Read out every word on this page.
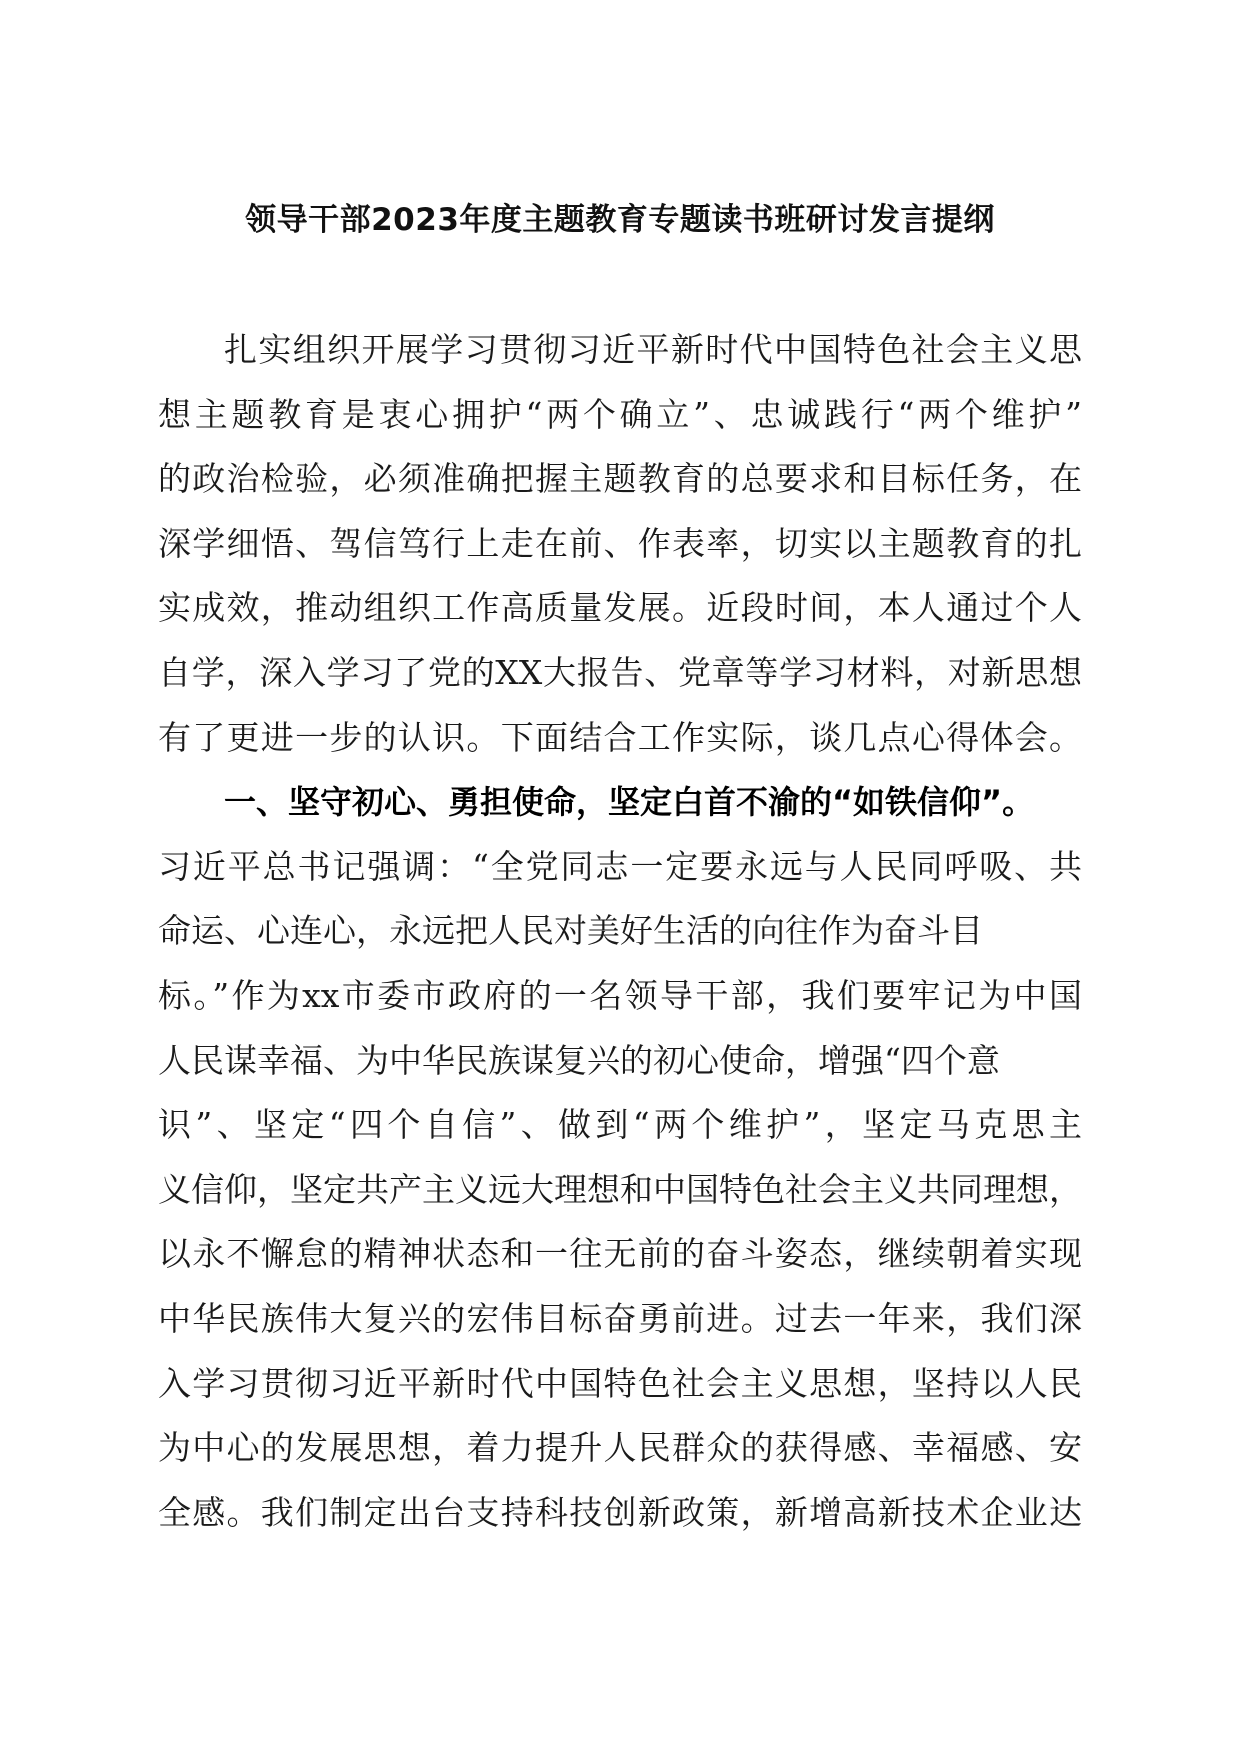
领导干部2023年度主题教育专题读书班研讨发言提纲
扎实组织开展学习贯彻习近平新时代中国特色社会主义思
想主题教育是衷心拥护“两个确立”、忠诚践行“两个维护”
的政治检验，必须准确把握主题教育的总要求和目标任务，在
深学细悟、驾信笃行上走在前、作表率，切实以主题教育的扎
实成效，推动组织工作高质量发展。近段时间，本人通过个人
自学，深入学习了党的XX大报告、党章等学习材料，对新思想
有了更进一步的认识。下面结合工作实际，谈几点心得体会。
一、坚守初心、勇担使命，坚定白首不渝的“如铁信仰”。
习近平总书记强调：“全党同志一定要永远与人民同呼吸、共
命运、心连心，永远把人民对美好生活的向往作为奋斗目
标。”作为xx市委市政府的一名领导干部，我们要牢记为中国
人民谋幸福、为中华民族谋复兴的初心使命，增强“四个意
识”、坚定“四个自信”、做到“两个维护”，坚定马克思主
义信仰，坚定共产主义远大理想和中国特色社会主义共同理想，
以永不懈怠的精神状态和一往无前的奋斗姿态，继续朝着实现
中华民族伟大复兴的宏伟目标奋勇前进。过去一年来，我们深
入学习贯彻习近平新时代中国特色社会主义思想，坚持以人民
为中心的发展思想，着力提升人民群众的获得感、幸福感、安
全感。我们制定出台支持科技创新政策，新增高新技术企业达
